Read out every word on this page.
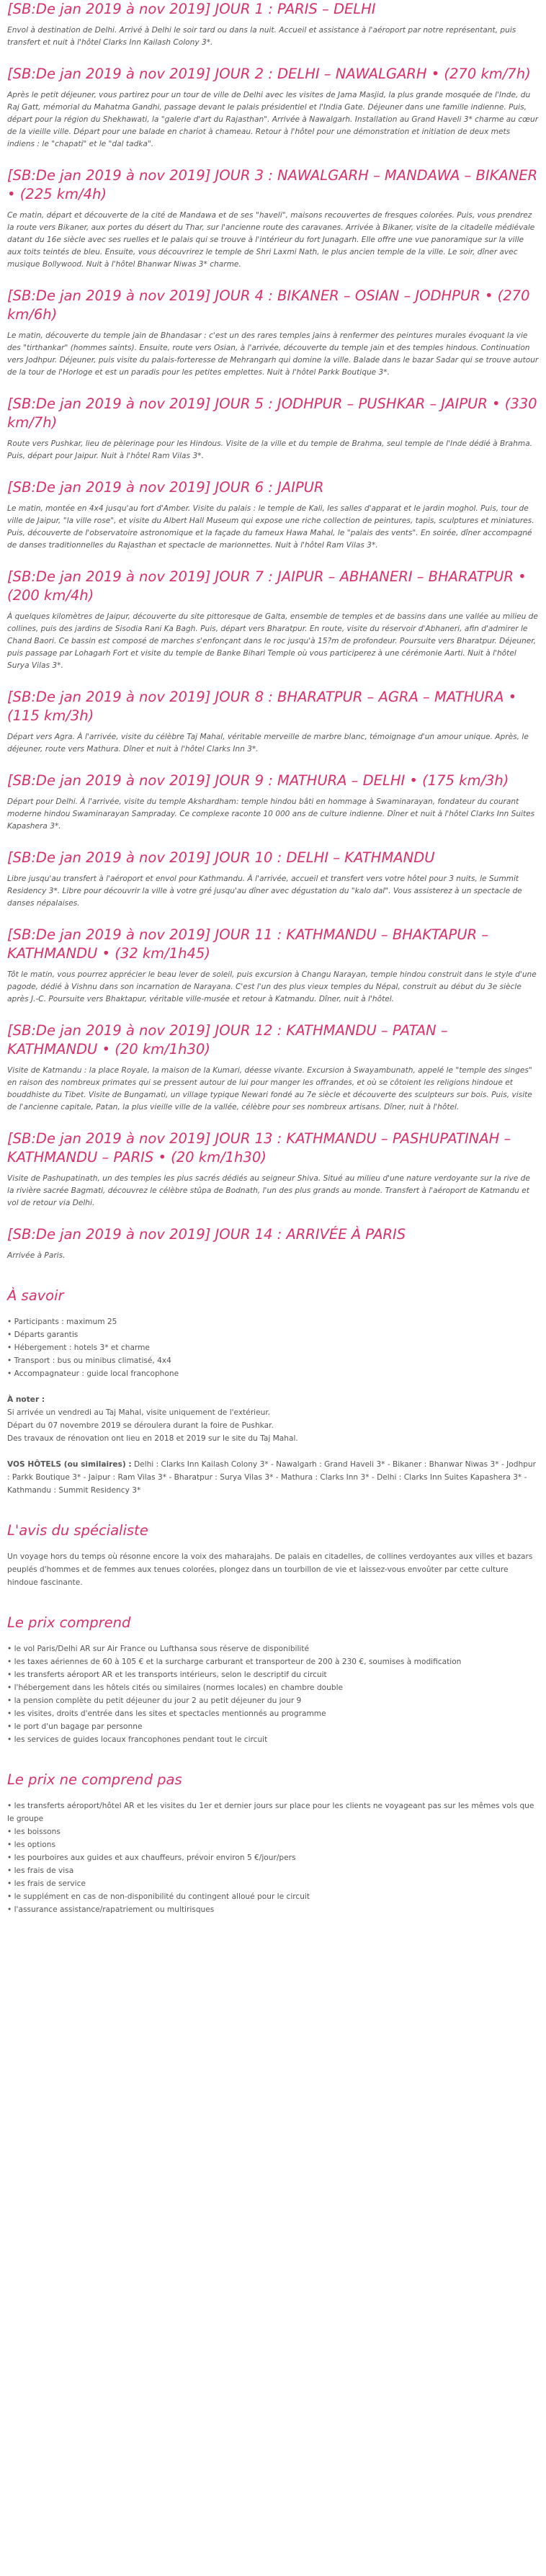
[SB:De jan 2019 à nov 2019] JOUR 1 : PARIS – DELHI

Envol à destination de Delhi. Arrivé à Delhi le soir tard ou dans la nuit. Accueil et assistance à l'aéroport par notre représentant, puis transfert et nuit à l'hôtel Clarks Inn Kailash Colony 3*.

[SB:De jan 2019 à nov 2019] JOUR 2 : DELHI – NAWALGARH • (270 km/7h)

Après le petit déjeuner, vous partirez pour un tour de ville de Delhi avec les visites de Jama Masjid, la plus grande mosquée de l'Inde, du Raj Gatt, mémorial du Mahatma Gandhi, passage devant le palais présidentiel et l'India Gate. Déjeuner dans une famille indienne. Puis, départ pour la région du Shekhawati, la "galerie d'art du Rajasthan". Arrivée à Nawalgarh. Installation au Grand Haveli 3* charme au cœur de la vieille ville. Départ pour une balade en chariot à chameau. Retour à l'hôtel pour une démonstration et initiation de deux mets indiens : le "chapati" et le "dal tadka".

[SB:De jan 2019 à nov 2019] JOUR 3 : NAWALGARH – MANDAWA – BIKANER • (225 km/4h)

Ce matin, départ et découverte de la cité de Mandawa et de ses "haveli", maisons recouvertes de fresques colorées. Puis, vous prendrez la route vers Bikaner, aux portes du désert du Thar, sur l'ancienne route des caravanes. Arrivée à Bikaner, visite de la citadelle médiévale datant du 16e siècle avec ses ruelles et le palais qui se trouve à l'intérieur du fort Junagarh. Elle offre une vue panoramique sur la ville aux toits teintés de bleu. Ensuite, vous découvrirez le temple de Shri Laxmi Nath, le plus ancien temple de la ville. Le soir, dîner avec musique Bollywood. Nuit à l'hôtel Bhanwar Niwas 3* charme.

[SB:De jan 2019 à nov 2019] JOUR 4 : BIKANER – OSIAN – JODHPUR • (270 km/6h)

Le matin, découverte du temple jain de Bhandasar : c'est un des rares temples jains à renfermer des peintures murales évoquant la vie des "tirthankar" (hommes saints). Ensuite, route vers Osian, à l'arrivée, découverte du temple jain et des temples hindous. Continuation vers Jodhpur. Déjeuner, puis visite du palais-forteresse de Mehrangarh qui domine la ville. Balade dans le bazar Sadar qui se trouve autour de la tour de l'Horloge et est un paradis pour les petites emplettes. Nuit à l'hôtel Parkk Boutique 3*.

[SB:De jan 2019 à nov 2019] JOUR 5 : JODHPUR – PUSHKAR – JAIPUR • (330 km/7h)

Route vers Pushkar, lieu de pèlerinage pour les Hindous. Visite de la ville et du temple de Brahma, seul temple de l'Inde dédié à Brahma. Puis, départ pour Jaipur. Nuit à l'hôtel Ram Vilas 3*.

[SB:De jan 2019 à nov 2019] JOUR 6 : JAIPUR

Le matin, montée en 4x4 jusqu'au fort d'Amber. Visite du palais : le temple de Kali, les salles d'apparat et le jardin moghol. Puis, tour de ville de Jaipur, "la ville rose", et visite du Albert Hall Museum qui expose une riche collection de peintures, tapis, sculptures et miniatures. Puis, découverte de l'observatoire astronomique et la façade du fameux Hawa Mahal, le "palais des vents". En soirée, dîner accompagné de danses traditionnelles du Rajasthan et spectacle de marionnettes. Nuit à l'hôtel Ram Vilas 3*.

[SB:De jan 2019 à nov 2019] JOUR 7 : JAIPUR – ABHANERI – BHARATPUR • (200 km/4h)

À quelques kilomètres de Jaipur, découverte du site pittoresque de Galta, ensemble de temples et de bassins dans une vallée au milieu de collines, puis des jardins de Sisodia Rani Ka Bagh. Puis, départ vers Bharatpur. En route, visite du réservoir d'Abhaneri, afin d'admirer le Chand Baori. Ce bassin est composé de marches s'enfonçant dans le roc jusqu'à 15?m de profondeur. Poursuite vers Bharatpur. Déjeuner, puis passage par Lohagarh Fort et visite du temple de Banke Bihari Temple où vous participerez à une cérémonie Aarti. Nuit à l'hôtel Surya Vilas 3*.

[SB:De jan 2019 à nov 2019] JOUR 8 : BHARATPUR – AGRA – MATHURA • (115 km/3h)

Départ vers Agra. À l'arrivée, visite du célèbre Taj Mahal, véritable merveille de marbre blanc, témoignage d'un amour unique. Après, le déjeuner, route vers Mathura. Dîner et nuit à l'hôtel Clarks Inn 3*.

[SB:De jan 2019 à nov 2019] JOUR 9 : MATHURA – DELHI • (175 km/3h)

Départ pour Delhi. À l'arrivée, visite du temple Akshardham: temple hindou bâti en hommage à Swaminarayan, fondateur du courant moderne hindou Swaminarayan Sampraday. Ce complexe raconte 10 000 ans de culture indienne. Dîner et nuit à l'hôtel Clarks Inn Suites Kapashera 3*.

[SB:De jan 2019 à nov 2019] JOUR 10 : DELHI – KATHMANDU

Libre jusqu'au transfert à l'aéroport et envol pour Kathmandu. À l'arrivée, accueil et transfert vers votre hôtel pour 3 nuits, le Summit Residency 3*. Libre pour découvrir la ville à votre gré jusqu'au dîner avec dégustation du "kalo dal". Vous assisterez à un spectacle de danses népalaises.

[SB:De jan 2019 à nov 2019] JOUR 11 : KATHMANDU – BHAKTAPUR – KATHMANDU • (32 km/1h45)

Tôt le matin, vous pourrez apprécier le beau lever de soleil, puis excursion à Changu Narayan, temple hindou construit dans le style d'une pagode, dédié à Vishnu dans son incarnation de Narayana. C'est l'un des plus vieux temples du Népal, construit au début du 3e siècle après J.-C. Poursuite vers Bhaktapur, véritable ville-musée et retour à Katmandu. Dîner, nuit à l'hôtel.

[SB:De jan 2019 à nov 2019] JOUR 12 : KATHMANDU – PATAN – KATHMANDU • (20 km/1h30)

Visite de Katmandu : la place Royale, la maison de la Kumari, déesse vivante. Excursion à Swayambunath, appelé le "temple des singes" en raison des nombreux primates qui se pressent autour de lui pour manger les offrandes, et où se côtoient les religions hindoue et bouddhiste du Tibet. Visite de Bungamati, un village typique Newari fondé au 7e siècle et découverte des sculpteurs sur bois. Puis, visite de l'ancienne capitale, Patan, la plus vieille ville de la vallée, célèbre pour ses nombreux artisans. Dîner, nuit à l'hôtel.

[SB:De jan 2019 à nov 2019] JOUR 13 : KATHMANDU – PASHUPATINAH – KATHMANDU – PARIS • (20 km/1h30)

Visite de Pashupatinath, un des temples les plus sacrés dédiés au seigneur Shiva. Situé au milieu d'une nature verdoyante sur la rive de la rivière sacrée Bagmati, découvrez le célèbre stûpa de Bodnath, l'un des plus grands au monde. Transfert à l'aéroport de Katmandu et vol de retour via Delhi.

[SB:De jan 2019 à nov 2019] JOUR 14 : ARRIVÉE À PARIS

Arrivée à Paris.

À savoir
• Participants : maximum 25
• Départs garantis
• Hébergement : hotels 3* et charme
• Transport : bus ou minibus climatisé, 4x4
• Accompagnateur : guide local francophone
À noter :
Si arrivée un vendredi au Taj Mahal, visite uniquement de l'extérieur.
Départ du 07 novembre 2019 se déroulera durant la foire de Pushkar.
Des travaux de rénovation ont lieu en 2018 et 2019 sur le site du Taj Mahal.
VOS HÔTELS (ou similaires) : Delhi : Clarks Inn Kailash Colony 3* - Nawalgarh : Grand Haveli 3* - Bikaner : Bhanwar Niwas 3* - Jodhpur : Parkk Boutique 3* - Jaipur : Ram Vilas 3* - Bharatpur : Surya Vilas 3* - Mathura : Clarks Inn 3* - Delhi : Clarks Inn Suites Kapashera 3* - Kathmandu : Summit Residency 3*
L'avis du spécialiste

Un voyage hors du temps où résonne encore la voix des maharajahs. De palais en citadelles, de collines verdoyantes aux villes et bazars peuplés d'hommes et de femmes aux tenues colorées, plongez dans un tourbillon de vie et laissez-vous envoûter par cette culture hindoue fascinante.

Le prix comprend
• le vol Paris/Delhi AR sur Air France ou Lufthansa sous réserve de disponibilité
• les taxes aériennes de 60 à 105 € et la surcharge carburant et transporteur de 200 à 230 €, soumises à modification
• les transferts aéroport AR et les transports intérieurs, selon le descriptif du circuit
• l'hébergement dans les hôtels cités ou similaires (normes locales) en chambre double
• la pension complète du petit déjeuner du jour 2 au petit déjeuner du jour 9
• les visites, droits d'entrée dans les sites et spectacles mentionnés au programme
• le port d'un bagage par personne
• les services de guides locaux francophones pendant tout le circuit
Le prix ne comprend pas
• les transferts aéroport/hôtel AR et les visites du 1er et dernier jours sur place pour les clients ne voyageant pas sur les mêmes vols que le groupe
• les boissons
• les options
• les pourboires aux guides et aux chauffeurs, prévoir environ 5 €/jour/pers
• les frais de visa
• les frais de service
• le supplément en cas de non-disponibilité du contingent alloué pour le circuit
• l'assurance assistance/rapatriement ou multirisques
